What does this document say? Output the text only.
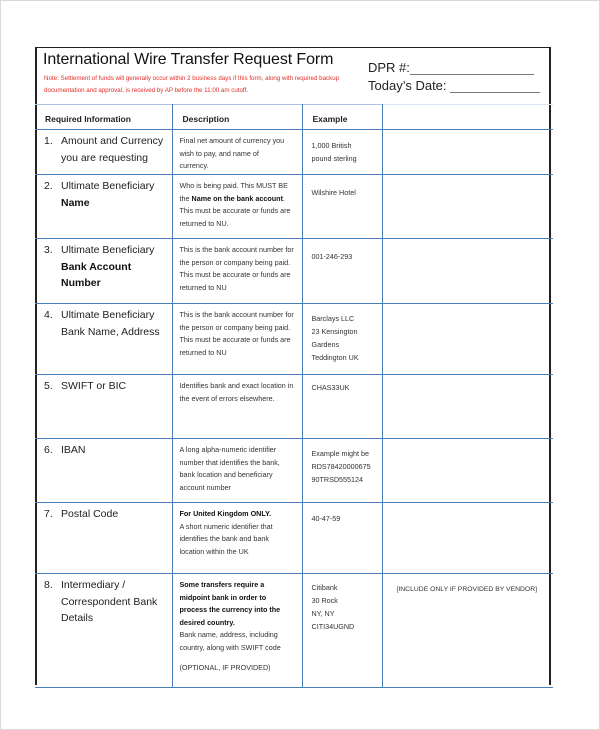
International Wire Transfer Request Form
Note: Settlement of funds will generally occur within 2 business days if this form, along with required backup documentation and approval, is received by AP before the 11:00 am cutoff.
DPR #:
Today’s Date:
Required Information	Description	Example	

1. Amount and Currency you are requesting	Final net amount of currency you wish to pay, and name of currency.	1,000 British
pound sterling	

2. Ultimate Beneficiary Name	Who is being paid. This MUST BE the Name on the bank account. This must be accurate or funds are returned to NU.	Wilshire Hotel	

3. Ultimate Beneficiary Bank Account Number	This is the bank account number for the person or company being paid. This must be accurate or funds are returned to NU	001-246-293	

4. Ultimate Beneficiary Bank Name, Address	This is the bank account number for the person or company being paid. This must be accurate or funds are returned to NU	Barclays LLC
23 Kensington
Gardens
Teddington UK	

5. SWIFT or BIC	Identifies bank and exact location in the event of errors elsewhere.	CHAS33UK	

6. IBAN	A long alpha-numeric identifier number that identifies the bank, bank location and beneficiary account number	Example might be
RDS78420000675
90TRSD555124	

7. Postal Code	For United Kingdom ONLY.
A short numeric identifier that identifies the bank and bank location within the UK	40-47-59	

8. Intermediary / Correspondent Bank Details	Some transfers require a midpoint bank in order to process the currency into the desired country.
Bank name, address, including country, along with SWIFT code
(OPTIONAL, IF PROVIDED)	Citibank
30 Rock
NY, NY
CITI34UGND	[INCLUDE ONLY IF PROVIDED BY VENDOR]
